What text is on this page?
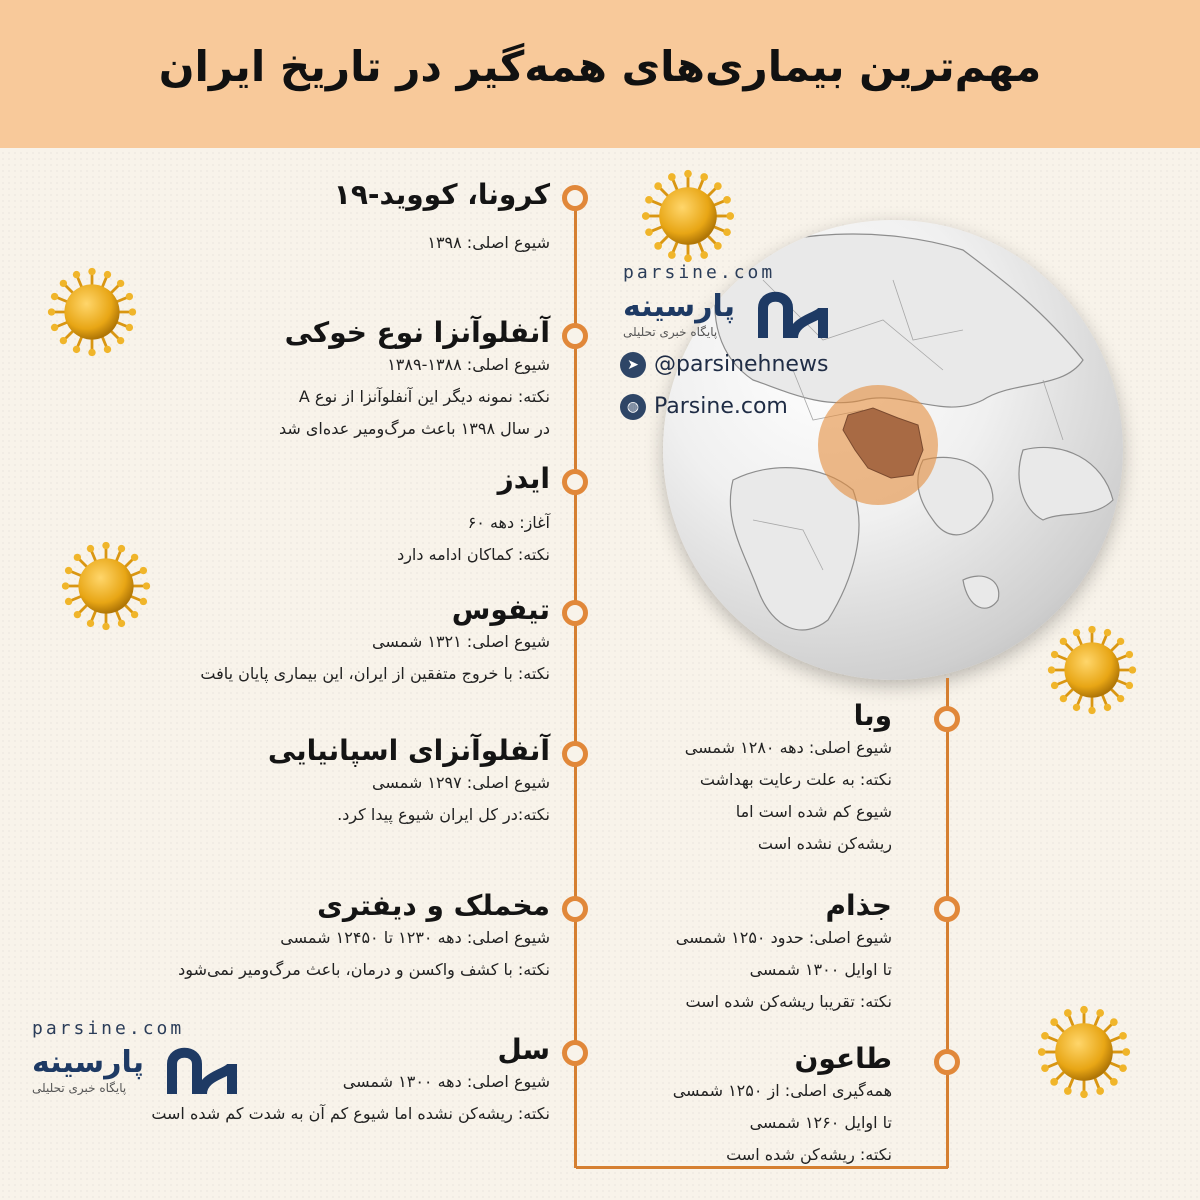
مهم‌ترین بیماری‌های همه‌گیر در تاریخ ایران
parsine.com
پارسینه
پایگاه خبری تحلیلی
➤ @parsinehnews
◍ Parsine.com
parsine.com
پارسینه
پایگاه خبری تحلیلی
کرونا، کووید-۱۹
شیوع اصلی: ۱۳۹۸
آنفلوآنزا نوع خوکی
شیوع اصلی: ۱۳۸۸-۱۳۸۹
نکته: نمونه دیگر این آنفلوآنزا از نوع A
در سال ۱۳۹۸ باعث مرگ‌ومیر عده‌ای شد
ایدز
آغاز: دهه ۶۰
نکته: کماکان ادامه دارد
تیفوس
شیوع اصلی: ۱۳۲۱ شمسی
نکته: با خروج متفقین از ایران، این بیماری پایان یافت
آنفلوآنزای اسپانیایی
شیوع اصلی: ۱۲۹۷ شمسی
نکته:در کل ایران شیوع پیدا کرد.
مخملک و دیفتری
شیوع اصلی: دهه ۱۲۳۰ تا ۱۲۴۵۰ شمسی
نکته: با کشف واکسن و درمان، باعث مرگ‌ومیر نمی‌شود
سل
شیوع اصلی: دهه ۱۳۰۰ شمسی
نکته: ریشه‌کن نشده اما شیوع کم آن به شدت کم شده است
وبا
شیوع اصلی: دهه ۱۲۸۰ شمسی
نکته: به علت رعایت بهداشت
شیوع کم شده است اما
ریشه‌کن نشده است
جذام
شیوع اصلی: حدود ۱۲۵۰ شمسی
تا اوایل ۱۳۰۰ شمسی
نکته: تقریبا ریشه‌کن شده است
طاعون
همه‌گیری اصلی: از ۱۲۵۰ شمسی
تا اوایل ۱۲۶۰ شمسی
نکته: ریشه‌کن شده است
